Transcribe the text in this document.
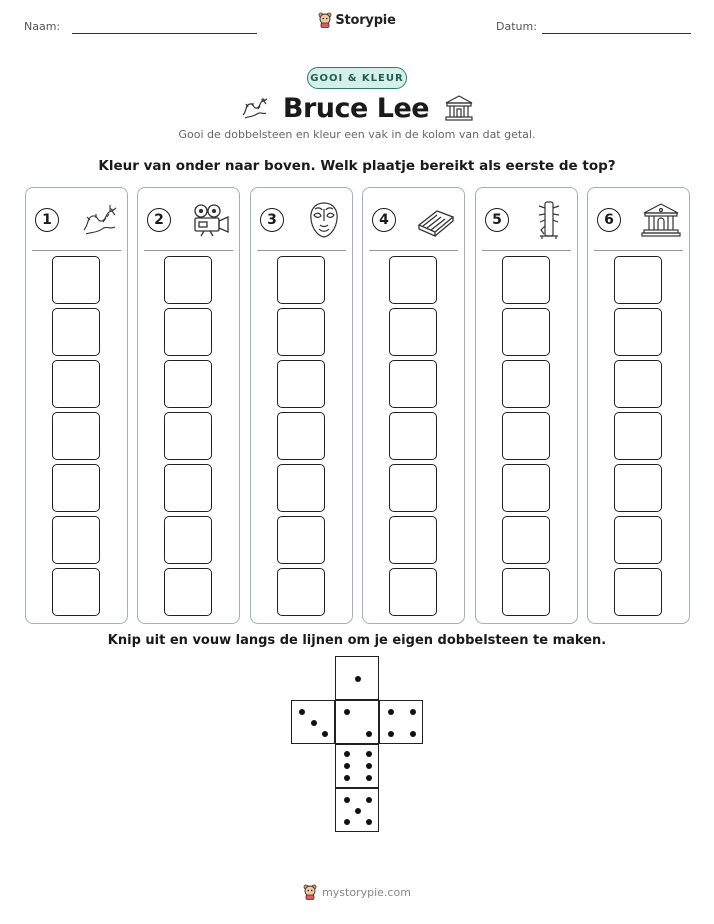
Naam:	Datum:
Storypie
GOOI & KLEUR
Bruce Lee
Gooi de dobbelsteen en kleur een vak in de kolom van dat getal.
Kleur van onder naar boven. Welk plaatje bereikt als eerste de top?
1	2	3	4	5	6
Knip uit en vouw langs de lijnen om je eigen dobbelsteen te maken.
mystorypie.com
